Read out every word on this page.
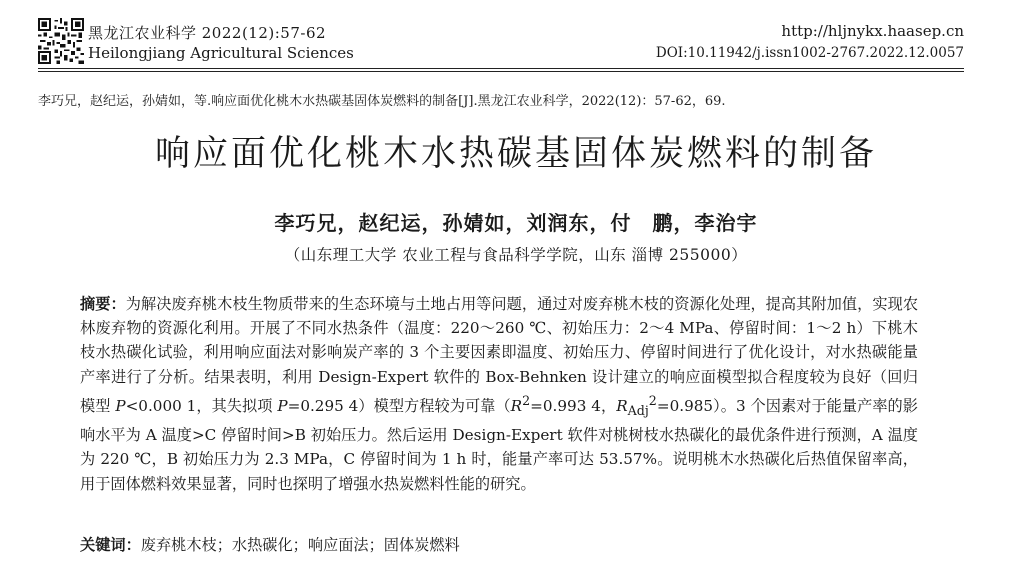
黑龙江农业科学 2022(12):57-62
Heilongjiang Agricultural Sciences
http://hljnykx.haasep.cn
DOI:10.11942/j.issn1002-2767.2022.12.0057
李巧兄，赵纪运，孙婧如，等.响应面优化桃木水热碳基固体炭燃料的制备[J].黑龙江农业科学，2022(12)：57-62，69.
响应面优化桃木水热碳基固体炭燃料的制备
李巧兄，赵纪运，孙婧如，刘润东，付　鹏，李治宇
（山东理工大学 农业工程与食品科学学院，山东 淄博 255000）
摘要：为解决废弃桃木枝生物质带来的生态环境与土地占用等问题，通过对废弃桃木枝的资源化处理，提高其附加值，实现农林废弃物的资源化利用。开展了不同水热条件（温度：220～260 ℃、初始压力：2～4 MPa、停留时间：1～2 h）下桃木枝水热碳化试验，利用响应面法对影响炭产率的 3 个主要因素即温度、初始压力、停留时间进行了优化设计，对水热碳能量产率进行了分析。结果表明，利用 Design-Expert 软件的 Box-Behnken 设计建立的响应面模型拟合程度较为良好（回归模型 P<0.000 1，其失拟项 P=0.295 4）模型方程较为可靠（$R^2=0.993$ 4，$R_{Adj}^2=0.985$）。3 个因素对于能量产率的影响水平为 A 温度>C 停留时间>B 初始压力。然后运用 Design-Expert 软件对桃树枝水热碳化的最优条件进行预测，A 温度为 220 ℃，B 初始压力为 2.3 MPa，C 停留时间为 1 h 时，能量产率可达 53.57%。说明桃木水热碳化后热值保留率高，用于固体燃料效果显著，同时也探明了增强水热炭燃料性能的研究。
关键词：废弃桃木枝；水热碳化；响应面法；固体炭燃料
